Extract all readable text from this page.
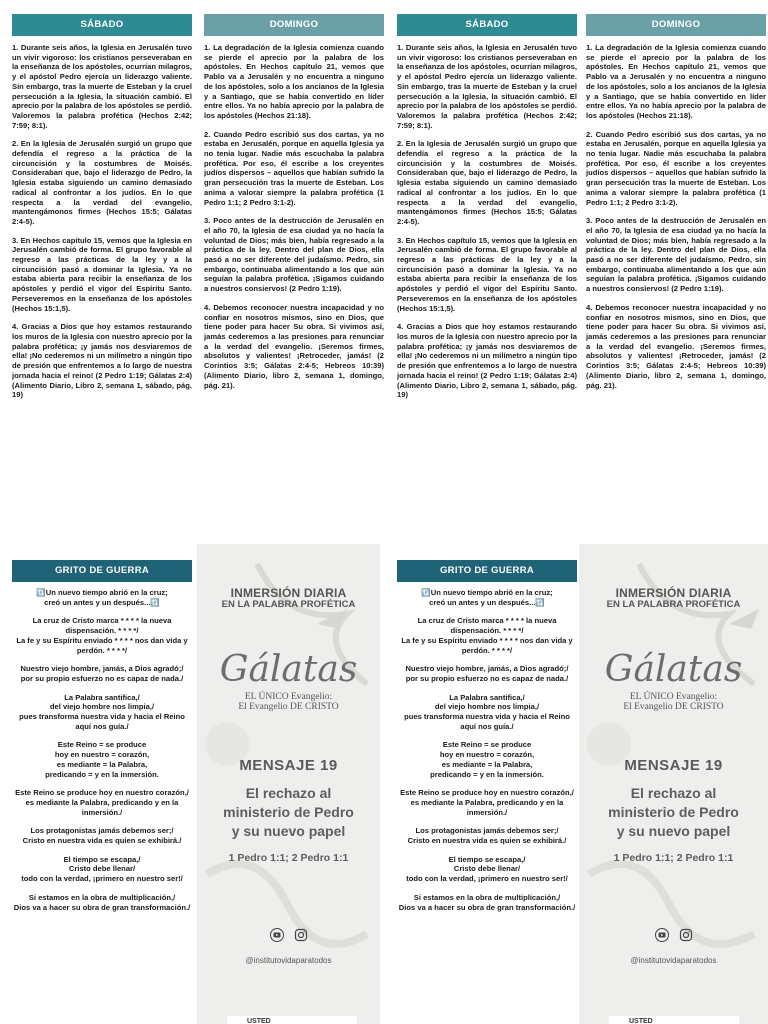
SÁBADO

1. Durante seis años, la Iglesia en Jerusalén tuvo un vivir vigoroso: los cristianos perseveraban en la enseñanza de los apóstoles, ocurrían milagros, y el apóstol Pedro ejercía un liderazgo valiente. Sin embargo, tras la muerte de Esteban y la cruel persecución a la Iglesia, la situación cambió. El aprecio por la palabra de los apóstoles se perdió. Valoremos la palabra profética (Hechos 2:42; 7:59; 8:1).

2. En la Iglesia de Jerusalén surgió un grupo que defendía el regreso a la práctica de la circuncisión y la costumbres de Moisés. Consideraban que, bajo el liderazgo de Pedro, la Iglesia estaba siguiendo un camino demasiado radical al confrontar a los judíos. En lo que respecta a la verdad del evangelio, mantengámonos firmes (Hechos 15:5; Gálatas 2:4-5).

3. En Hechos capítulo 15, vemos que la Iglesia en Jerusalén cambió de forma. El grupo favorable al regreso a las prácticas de la ley y a la circuncisión pasó a dominar la Iglesia. Ya no estaba abierta para recibir la enseñanza de los apóstoles y perdió el vigor del Espíritu Santo. Perseveremos en la enseñanza de los apóstoles (Hechos 15:1,5).

4. Gracias a Dios que hoy estamos restaurando los muros de la Iglesia con nuestro aprecio por la palabra profética; ¡y jamás nos desviaremos de ella! ¡No cederemos ni un milímetro a ningún tipo de presión que enfrentemos a lo largo de nuestra jornada hacia el reino! (2 Pedro 1:19; Gálatas 2:4) (Alimento Diario, Libro 2, semana 1, sábado, pág. 19)

DOMINGO

1. La degradación de la Iglesia comienza cuando se pierde el aprecio por la palabra de los apóstoles. En Hechos capítulo 21, vemos que Pablo va a Jerusalén y no encuentra a ninguno de los apóstoles, solo a los ancianos de la Iglesia y a Santiago, que se había convertido en líder entre ellos. Ya no había aprecio por la palabra de los apóstoles (Hechos 21:18).

2. Cuando Pedro escribió sus dos cartas, ya no estaba en Jerusalén, porque en aquella Iglesia ya no tenía lugar. Nadie más escuchaba la palabra profética. Por eso, él escribe a los creyentes judíos dispersos – aquellos que habían sufrido la gran persecución tras la muerte de Esteban. Los anima a valorar siempre la palabra profética (1 Pedro 1:1; 2 Pedro 3:1-2).

3. Poco antes de la destrucción de Jerusalén en el año 70, la Iglesia de esa ciudad ya no hacía la voluntad de Dios; más bien, había regresado a la práctica de la ley. Dentro del plan de Dios, ella pasó a no ser diferente del judaísmo. Pedro, sin embargo, continuaba alimentando a los que aún seguían la palabra profética. ¡Sigamos cuidando a nuestros consiervos! (2 Pedro 1:19).

4. Debemos reconocer nuestra incapacidad y no confiar en nosotros mismos, sino en Dios, que tiene poder para hacer Su obra. Si vivimos así, jamás cederemos a las presiones para renunciar a la verdad del evangelio. ¡Seremos firmes, absolutos y valientes! ¡Retroceder, jamás! (2 Corintios 3:5; Gálatas 2:4-5; Hebreos 10:39) (Alimento Diario, libro 2, semana 1, domingo, pág. 21).

SÁBADO

1. Durante seis años, la Iglesia en Jerusalén tuvo un vivir vigoroso: los cristianos perseveraban en la enseñanza de los apóstoles, ocurrían milagros, y el apóstol Pedro ejercía un liderazgo valiente. Sin embargo, tras la muerte de Esteban y la cruel persecución a la Iglesia, la situación cambió. El aprecio por la palabra de los apóstoles se perdió. Valoremos la palabra profética (Hechos 2:42; 7:59; 8:1).

2. En la Iglesia de Jerusalén surgió un grupo que defendía el regreso a la práctica de la circuncisión y la costumbres de Moisés. Consideraban que, bajo el liderazgo de Pedro, la Iglesia estaba siguiendo un camino demasiado radical al confrontar a los judíos. En lo que respecta a la verdad del evangelio, mantengámonos firmes (Hechos 15:5; Gálatas 2:4-5).

3. En Hechos capítulo 15, vemos que la Iglesia en Jerusalén cambió de forma. El grupo favorable al regreso a las prácticas de la ley y a la circuncisión pasó a dominar la Iglesia. Ya no estaba abierta para recibir la enseñanza de los apóstoles y perdió el vigor del Espíritu Santo. Perseveremos en la enseñanza de los apóstoles (Hechos 15:1,5).

4. Gracias a Dios que hoy estamos restaurando los muros de la Iglesia con nuestro aprecio por la palabra profética; ¡y jamás nos desviaremos de ella! ¡No cederemos ni un milímetro a ningún tipo de presión que enfrentemos a lo largo de nuestra jornada hacia el reino! (2 Pedro 1:19; Gálatas 2:4) (Alimento Diario, Libro 2, semana 1, sábado, pág. 19)

DOMINGO

1. La degradación de la Iglesia comienza cuando se pierde el aprecio por la palabra de los apóstoles. En Hechos capítulo 21, vemos que Pablo va a Jerusalén y no encuentra a ninguno de los apóstoles, solo a los ancianos de la Iglesia y a Santiago, que se había convertido en líder entre ellos. Ya no había aprecio por la palabra de los apóstoles (Hechos 21:18).

2. Cuando Pedro escribió sus dos cartas, ya no estaba en Jerusalén, porque en aquella Iglesia ya no tenía lugar. Nadie más escuchaba la palabra profética. Por eso, él escribe a los creyentes judíos dispersos – aquellos que habían sufrido la gran persecución tras la muerte de Esteban. Los anima a valorar siempre la palabra profética (1 Pedro 1:1; 2 Pedro 3:1-2).

3. Poco antes de la destrucción de Jerusalén en el año 70, la Iglesia de esa ciudad ya no hacía la voluntad de Dios; más bien, había regresado a la práctica de la ley. Dentro del plan de Dios, ella pasó a no ser diferente del judaísmo. Pedro, sin embargo, continuaba alimentando a los que aún seguían la palabra profética. ¡Sigamos cuidando a nuestros consiervos! (2 Pedro 1:19).

4. Debemos reconocer nuestra incapacidad y no confiar en nosotros mismos, sino en Dios, que tiene poder para hacer Su obra. Si vivimos así, jamás cederemos a las presiones para renunciar a la verdad del evangelio. ¡Seremos firmes, absolutos y valientes! ¡Retroceder, jamás! (2 Corintios 3:5; Gálatas 2:4-5; Hebreos 10:39) (Alimento Diario, libro 2, semana 1, domingo, pág. 21).

GRITO DE GUERRA

🔃Un nuevo tiempo abrió en la cruz;
creó un antes y un después...🔃

La cruz de Cristo marca * * * * la nueva dispensación. * * * */
La fe y su Espíritu enviado * * * * nos dan vida y perdón. * * * */

Nuestro viejo hombre, jamás, a Dios agradó;/
por su propio esfuerzo no es capaz de nada./

La Palabra santifica,/
del viejo hombre nos limpia,/
pues transforma nuestra vida y hacia el Reino aquí nos guía./

Este Reino = se produce
hoy en nuestro = corazón,
es mediante = la Palabra,
predicando = y en la inmersión.

Este Reino se produce hoy en nuestro corazón,/
es mediante la Palabra, predicando y en la inmersión./

Los protagonistas jamás debemos ser;/
Cristo en nuestra vida es quien se exhibirá./

El tiempo se escapa,/
Cristo debe llenar/
todo con la verdad, ¡primero en nuestro ser!/

Si estamos en la obra de multiplicación,/
Dios va a hacer su obra de gran transformación./

INMERSIÓN DIARIA
EN LA PALABRA PROFÉTICA
Gálatas
EL ÚNICO Evangelio:
El Evangelio DE CRISTO
MENSAJE 19
El rechazo al
ministerio de Pedro
y su nuevo papel
1 Pedro 1:1; 2 Pedro 1:1
@institutovidaparatodos
USTED
GRITO DE GUERRA

🔃Un nuevo tiempo abrió en la cruz;
creó un antes y un después...🔃

La cruz de Cristo marca * * * * la nueva dispensación. * * * */
La fe y su Espíritu enviado * * * * nos dan vida y perdón. * * * */

Nuestro viejo hombre, jamás, a Dios agradó;/
por su propio esfuerzo no es capaz de nada./

La Palabra santifica,/
del viejo hombre nos limpia,/
pues transforma nuestra vida y hacia el Reino aquí nos guía./

Este Reino = se produce
hoy en nuestro = corazón,
es mediante = la Palabra,
predicando = y en la inmersión.

Este Reino se produce hoy en nuestro corazón,/
es mediante la Palabra, predicando y en la inmersión./

Los protagonistas jamás debemos ser;/
Cristo en nuestra vida es quien se exhibirá./

El tiempo se escapa,/
Cristo debe llenar/
todo con la verdad, ¡primero en nuestro ser!/

Si estamos en la obra de multiplicación,/
Dios va a hacer su obra de gran transformación./

INMERSIÓN DIARIA
EN LA PALABRA PROFÉTICA
Gálatas
EL ÚNICO Evangelio:
El Evangelio DE CRISTO
MENSAJE 19
El rechazo al
ministerio de Pedro
y su nuevo papel
1 Pedro 1:1; 2 Pedro 1:1
@institutovidaparatodos
USTED
